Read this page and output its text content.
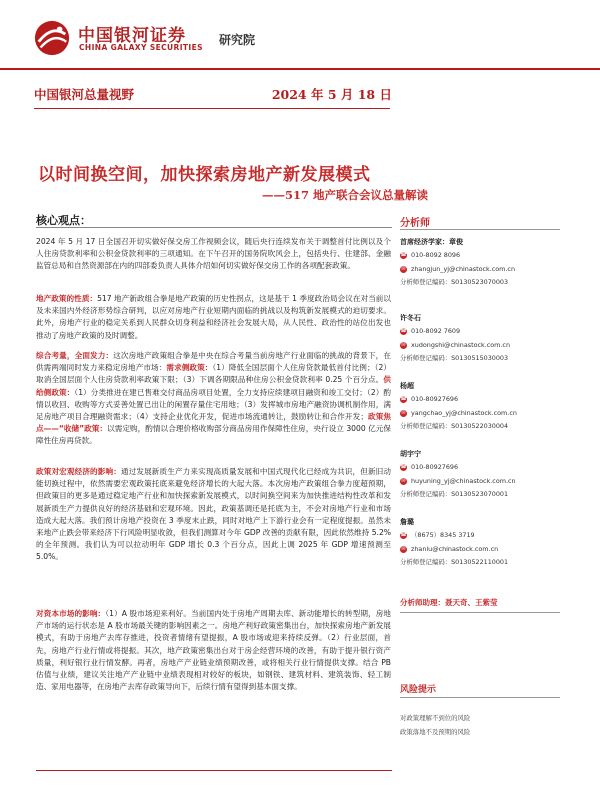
中国银河证券
CHINA GALAXY SECURITIES
研究院
中国银河总量视野	2024 年 5 月 18 日
以时间换空间，加快探索房地产新发展模式
——517 地产联合会议总量解读
核心观点：

2024 年 5 月 17 日全国召开切实做好保交房工作视频会议，随后央行连续发布关于调整首付比例以及个人住房贷款利率和公积金贷款利率的三项通知。在下午召开的国务院吹风会上，包括央行、住建部、金融监管总局和自然资源部在内的四部委负责人具体介绍如何切实做好保交房工作的各项配套政策。

地产政策的性质：517 地产新政组合拳是地产政策的历史性拐点，这是基于 1 季度政治局会议在对当前以及未来国内外经济形势综合研判，以应对房地产行业短期内面临的挑战以及构筑新发展模式的迫切要求。此外，房地产行业的稳定关系到人民群众切身利益和经济社会发展大局，从人民性、政治性的站位出发也推动了房地产政策的及时调整。

综合考量，全面发力：这次房地产政策组合拳是中央在综合考量当前房地产行业面临的挑战的背景下，在供需两端同时发力来稳定房地产市场：需求侧政策：（1）降低全国层面个人住房贷款最低首付比例；（2）取消全国层面个人住房贷款利率政策下限；（3）下调各期限品种住房公积金贷款利率 0.25 个百分点。供给侧政策：（1）分类推进在建已售难交付商品房项目处置，全力支持应续建项目融资和竣工交付；（2）酌情以收回、收购等方式妥善处置已出让的闲置存量住宅用地；（3）发挥城市房地产融资协调机制作用，满足房地产项目合理融资需求；（4）支持企业优化开发，促进市场流通转让，鼓励转让和合作开发；政策焦点——“收储”政策：以需定购，酌情以合理价格收购部分商品房用作保障性住房，央行设立 3000 亿元保障性住房再贷款。

政策对宏观经济的影响：通过发展新质生产力来实现高质量发展和中国式现代化已经成为共识，但新旧动能切换过程中，依然需要宏观政策托底来避免经济增长的大起大落。本次房地产政策组合拳力度超预期，但政策目的更多是通过稳定地产行业和加快探索新发展模式，以时间换空间来为加快推进结构性改革和发展新质生产力提供良好的经济基础和宏观环境。因此，政策基调还是托底为主，不会对房地产行业和市场造成大起大落。我们预计房地产投资在 3 季度末止跌，同时对地产上下游行业会有一定程度提振。虽然未来地产止跌会带来经济下行风险明显收敛，但我们测算对今年 GDP 改善的贡献有限，因此依然维持 5.2%的全年预测。我们认为可以拉动明年 GDP 增长 0.3 个百分点，因此上调 2025 年 GDP 增速预测至 5.0%。

对资本市场的影响：（1）A 股市场迎来利好。当前国内处于房地产周期去库、新动能增长的转型期，房地产市场的运行状态是 A 股市场最关键的影响因素之一。房地产利好政策密集出台，加快探索房地产新发展模式，有助于房地产去库存推进，投资者情绪有望提振，A 股市场或迎来持续反弹。（2）行业层面，首先，房地产行业行情或将提振。其次，地产政策密集出台对于房企经营环境的改善，有助于提升银行资产质量，利好银行业行情发酵。再者，房地产产业链业绩预期改善，或将相关行业行情提供支撑。结合 PB 估值与业绩，建议关注地产产业链中业绩表现相对较好的板块，如钢铁、建筑材料、建筑装饰、轻工制造、家用电器等，在房地产去库存政策导向下，后续行情有望得到基本面支撑。

分析师
首席经济学家：章俊
☎ 010-8092 8096
✉ zhangjun_yj@chinastock.com.cn
分析师登记编码：S0130523070003
许冬石
☎ 010-8092 7609
✉ xudongshi@chinastock.com.cn
分析师登记编码：S0130515030003
杨超
☎ 010-80927696
✉ yangchao_yj@chinastock.com.cn
分析师登记编码：S0130522030004
胡宇宁
☎ 010-80927696
✉ huyuning_yj@chinastock.com.cn
分析师登记编码：S0130523070001
詹璐
☎ （8675）8345 3719
✉ zhanlu@chinastock.com.cn
分析师登记编码：S0130522110001
分析师助理：聂天奇、王紫莹
风险提示
对政策理解不到位的风险
政策落地不及预期的风险
